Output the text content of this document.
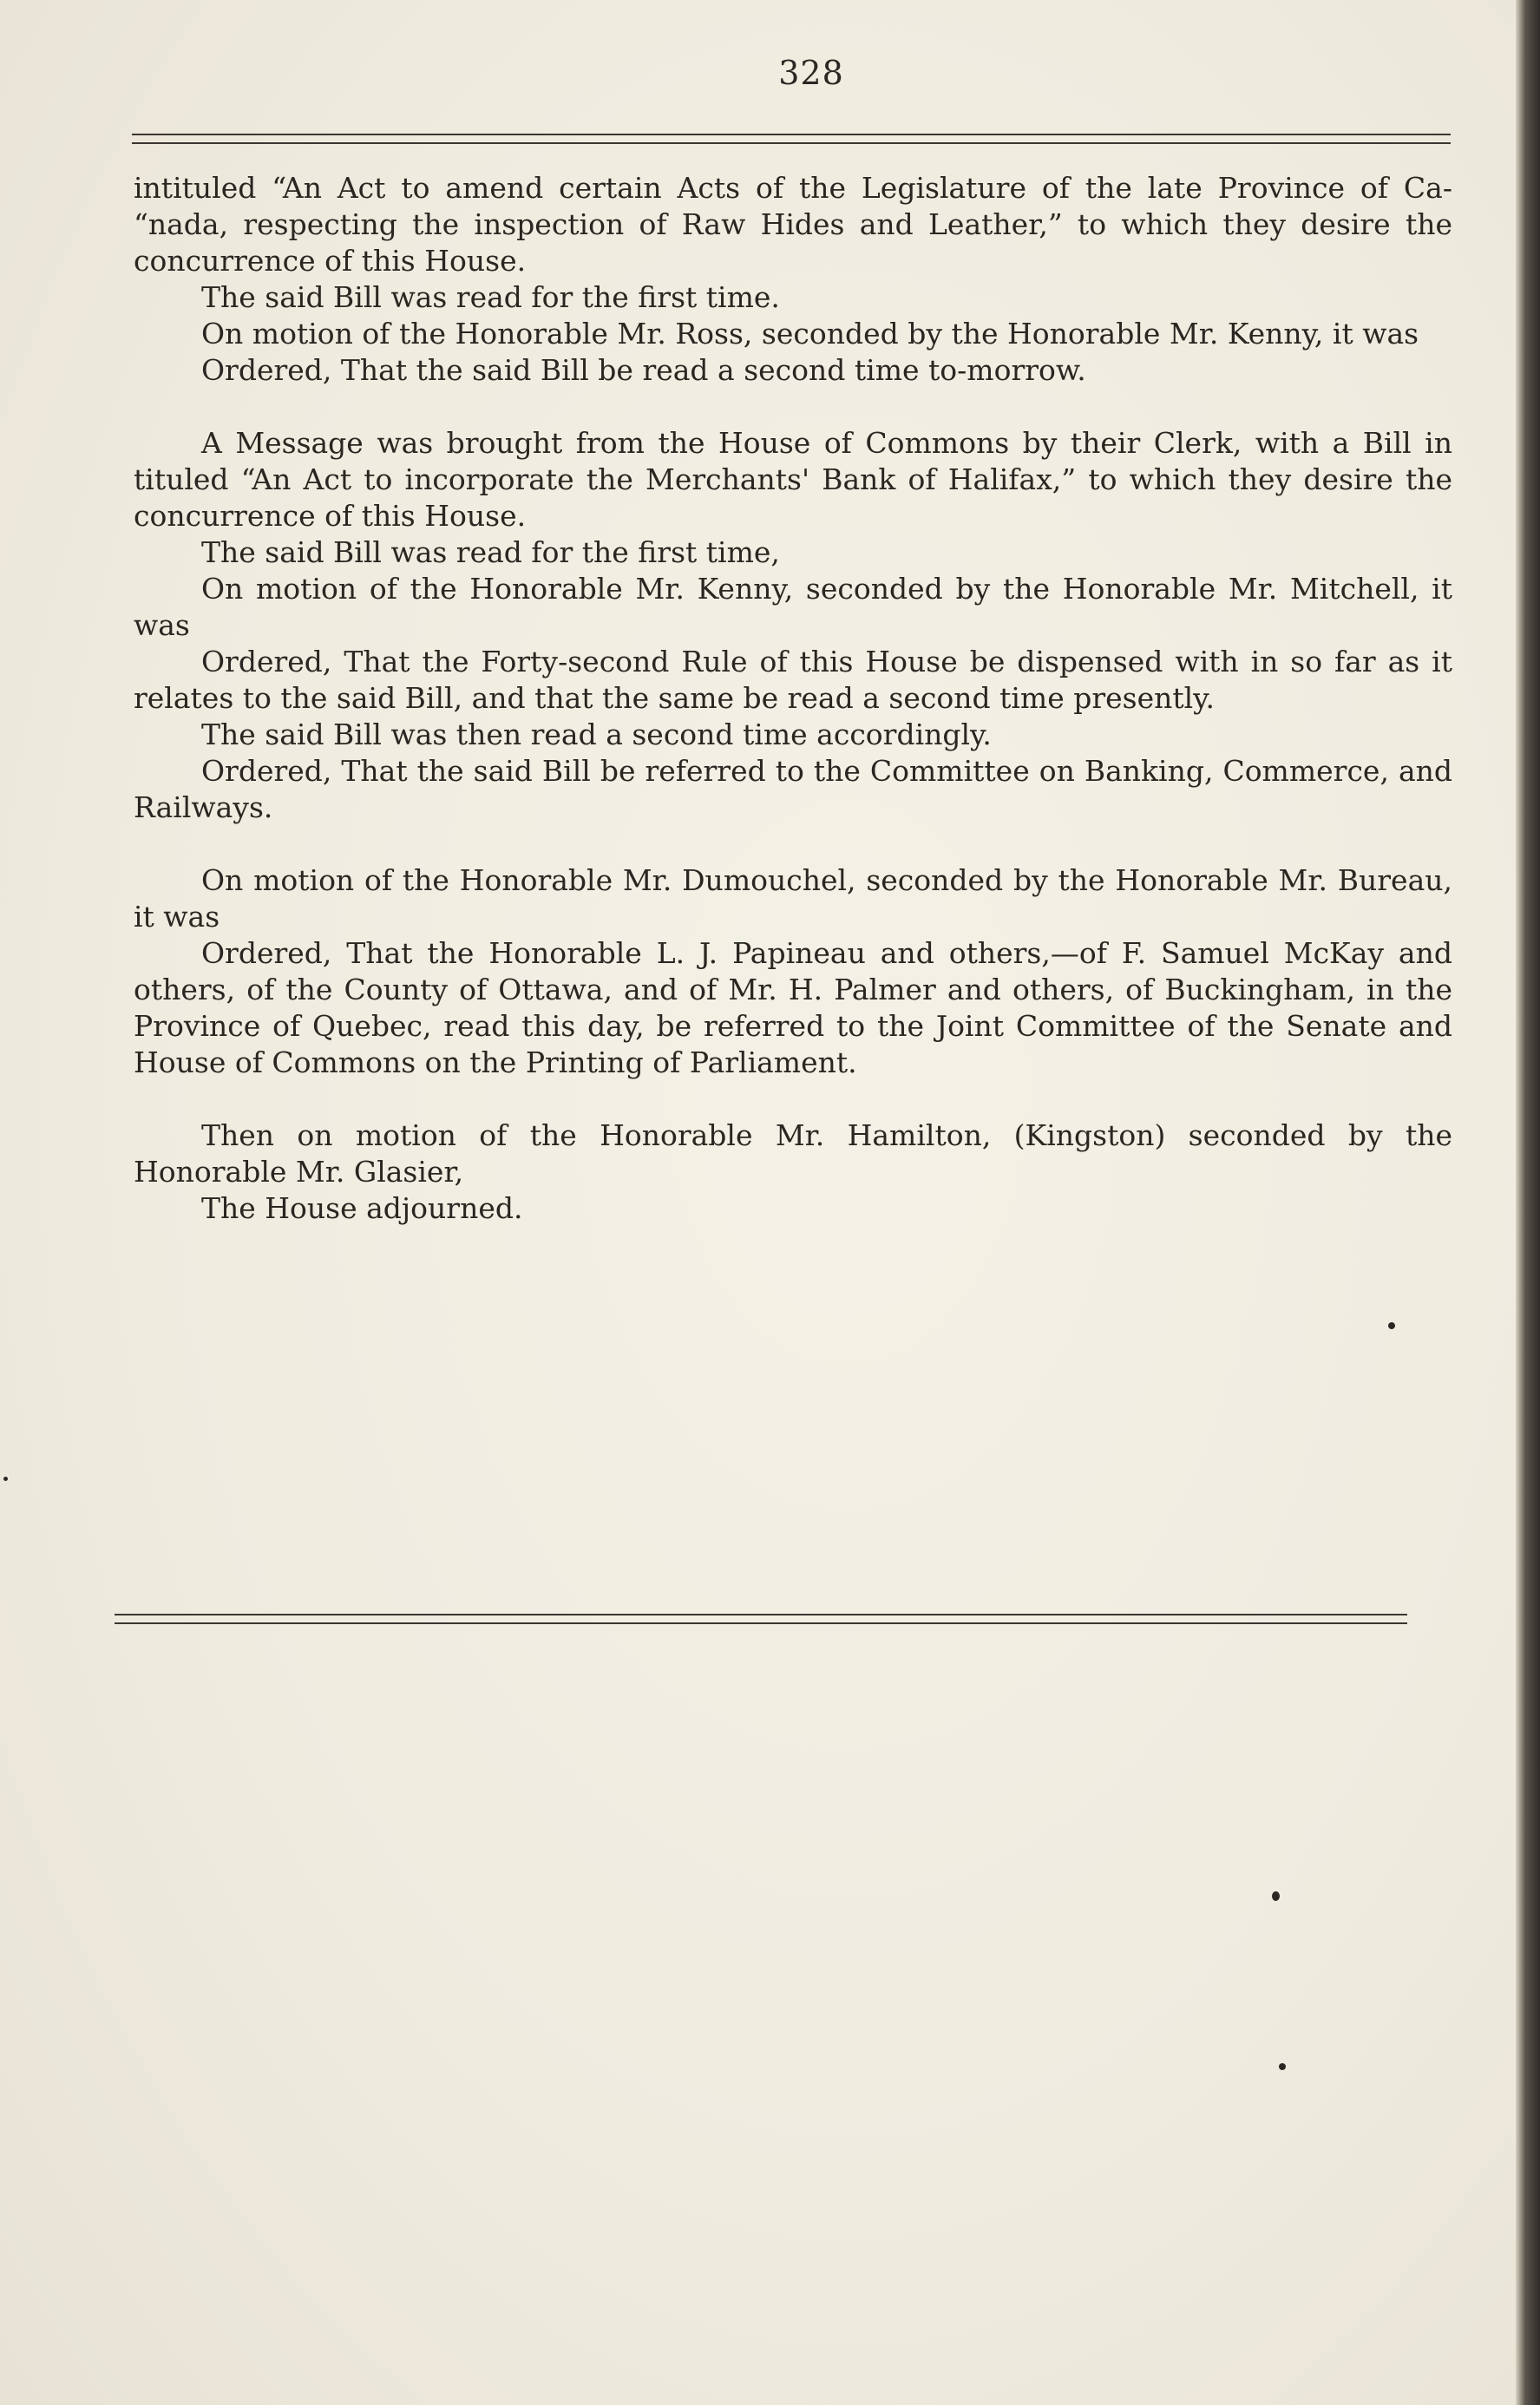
328

intituled “An Act to amend certain Acts of the Legislature of the late Province of Ca- “nada, respecting the inspection of Raw Hides and Leather,” to which they desire the concurrence of this House.

The said Bill was read for the first time.

On motion of the Honorable Mr. Ross, seconded by the Honorable Mr. Kenny, it was

Ordered, That the said Bill be read a second time to-morrow.

A Message was brought from the House of Commons by their Clerk, with a Bill in tituled “An Act to incorporate the Merchants' Bank of Halifax,” to which they desire the concurrence of this House.

The said Bill was read for the first time,

On motion of the Honorable Mr. Kenny, seconded by the Honorable Mr. Mitchell, it was

Ordered, That the Forty-second Rule of this House be dispensed with in so far as it relates to the said Bill, and that the same be read a second time presently.

The said Bill was then read a second time accordingly.

Ordered, That the said Bill be referred to the Committee on Banking, Commerce, and Railways.

On motion of the Honorable Mr. Dumouchel, seconded by the Honorable Mr. Bureau, it was

Ordered, That the Honorable L. J. Papineau and others,—of F. Samuel McKay and others, of the County of Ottawa, and of Mr. H. Palmer and others, of Buckingham, in the Province of Quebec, read this day, be referred to the Joint Committee of the Senate and House of Commons on the Printing of Parliament.

Then on motion of the Honorable Mr. Hamilton, (Kingston) seconded by the Honorable Mr. Glasier,

The House adjourned.
